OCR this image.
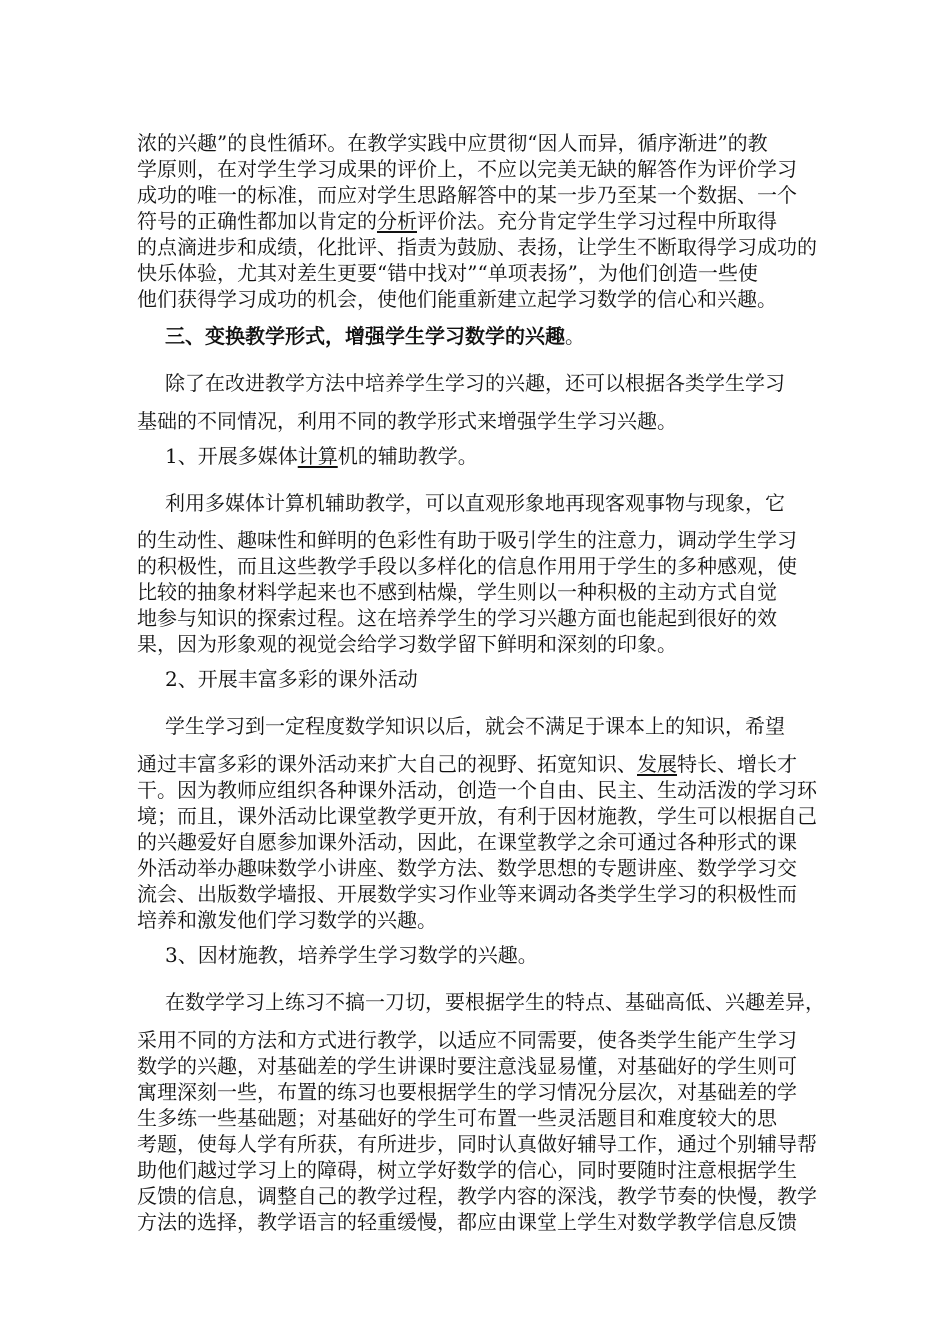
浓的兴趣”的良性循环。在教学实践中应贯彻“因人而异，循序渐进”的教
学原则，在对学生学习成果的评价上，不应以完美无缺的解答作为评价学习
成功的唯一的标准，而应对学生思路解答中的某一步乃至某一个数据、一个
符号的正确性都加以肯定的分析评价法。充分肯定学生学习过程中所取得
的点滴进步和成绩，化批评、指责为鼓励、表扬，让学生不断取得学习成功的
快乐体验，尤其对差生更要“错中找对”“单项表扬”，为他们创造一些使
他们获得学习成功的机会，使他们能重新建立起学习数学的信心和兴趣。
三、变换教学形式，增强学生学习数学的兴趣。
除了在改进教学方法中培养学生学习的兴趣，还可以根据各类学生学习
基础的不同情况，利用不同的教学形式来增强学生学习兴趣。
1、开展多媒体计算机的辅助教学。
利用多媒体计算机辅助教学，可以直观形象地再现客观事物与现象，它
的生动性、趣味性和鲜明的色彩性有助于吸引学生的注意力，调动学生学习
的积极性，而且这些教学手段以多样化的信息作用用于学生的多种感观，使
比较的抽象材料学起来也不感到枯燥，学生则以一种积极的主动方式自觉
地参与知识的探索过程。这在培养学生的学习兴趣方面也能起到很好的效
果，因为形象观的视觉会给学习数学留下鲜明和深刻的印象。
2、开展丰富多彩的课外活动
学生学习到一定程度数学知识以后，就会不满足于课本上的知识，希望
通过丰富多彩的课外活动来扩大自己的视野、拓宽知识、发展特长、增长才
干。因为教师应组织各种课外活动，创造一个自由、民主、生动活泼的学习环
境；而且，课外活动比课堂教学更开放，有利于因材施教，学生可以根据自己
的兴趣爱好自愿参加课外活动，因此，在课堂教学之余可通过各种形式的课
外活动举办趣味数学小讲座、数学方法、数学思想的专题讲座、数学学习交
流会、出版数学墙报、开展数学实习作业等来调动各类学生学习的积极性而
培养和激发他们学习数学的兴趣。
3、因材施教，培养学生学习数学的兴趣。
在数学学习上练习不搞一刀切，要根据学生的特点、基础高低、兴趣差异，
采用不同的方法和方式进行教学，以适应不同需要，使各类学生能产生学习
数学的兴趣，对基础差的学生讲课时要注意浅显易懂，对基础好的学生则可
寓理深刻一些，布置的练习也要根据学生的学习情况分层次，对基础差的学
生多练一些基础题；对基础好的学生可布置一些灵活题目和难度较大的思
考题，使每人学有所获，有所进步，同时认真做好辅导工作，通过个别辅导帮
助他们越过学习上的障碍，树立学好数学的信心，同时要随时注意根据学生
反馈的信息，调整自己的教学过程，教学内容的深浅，教学节奏的快慢，教学
方法的选择，教学语言的轻重缓慢，都应由课堂上学生对数学教学信息反馈
